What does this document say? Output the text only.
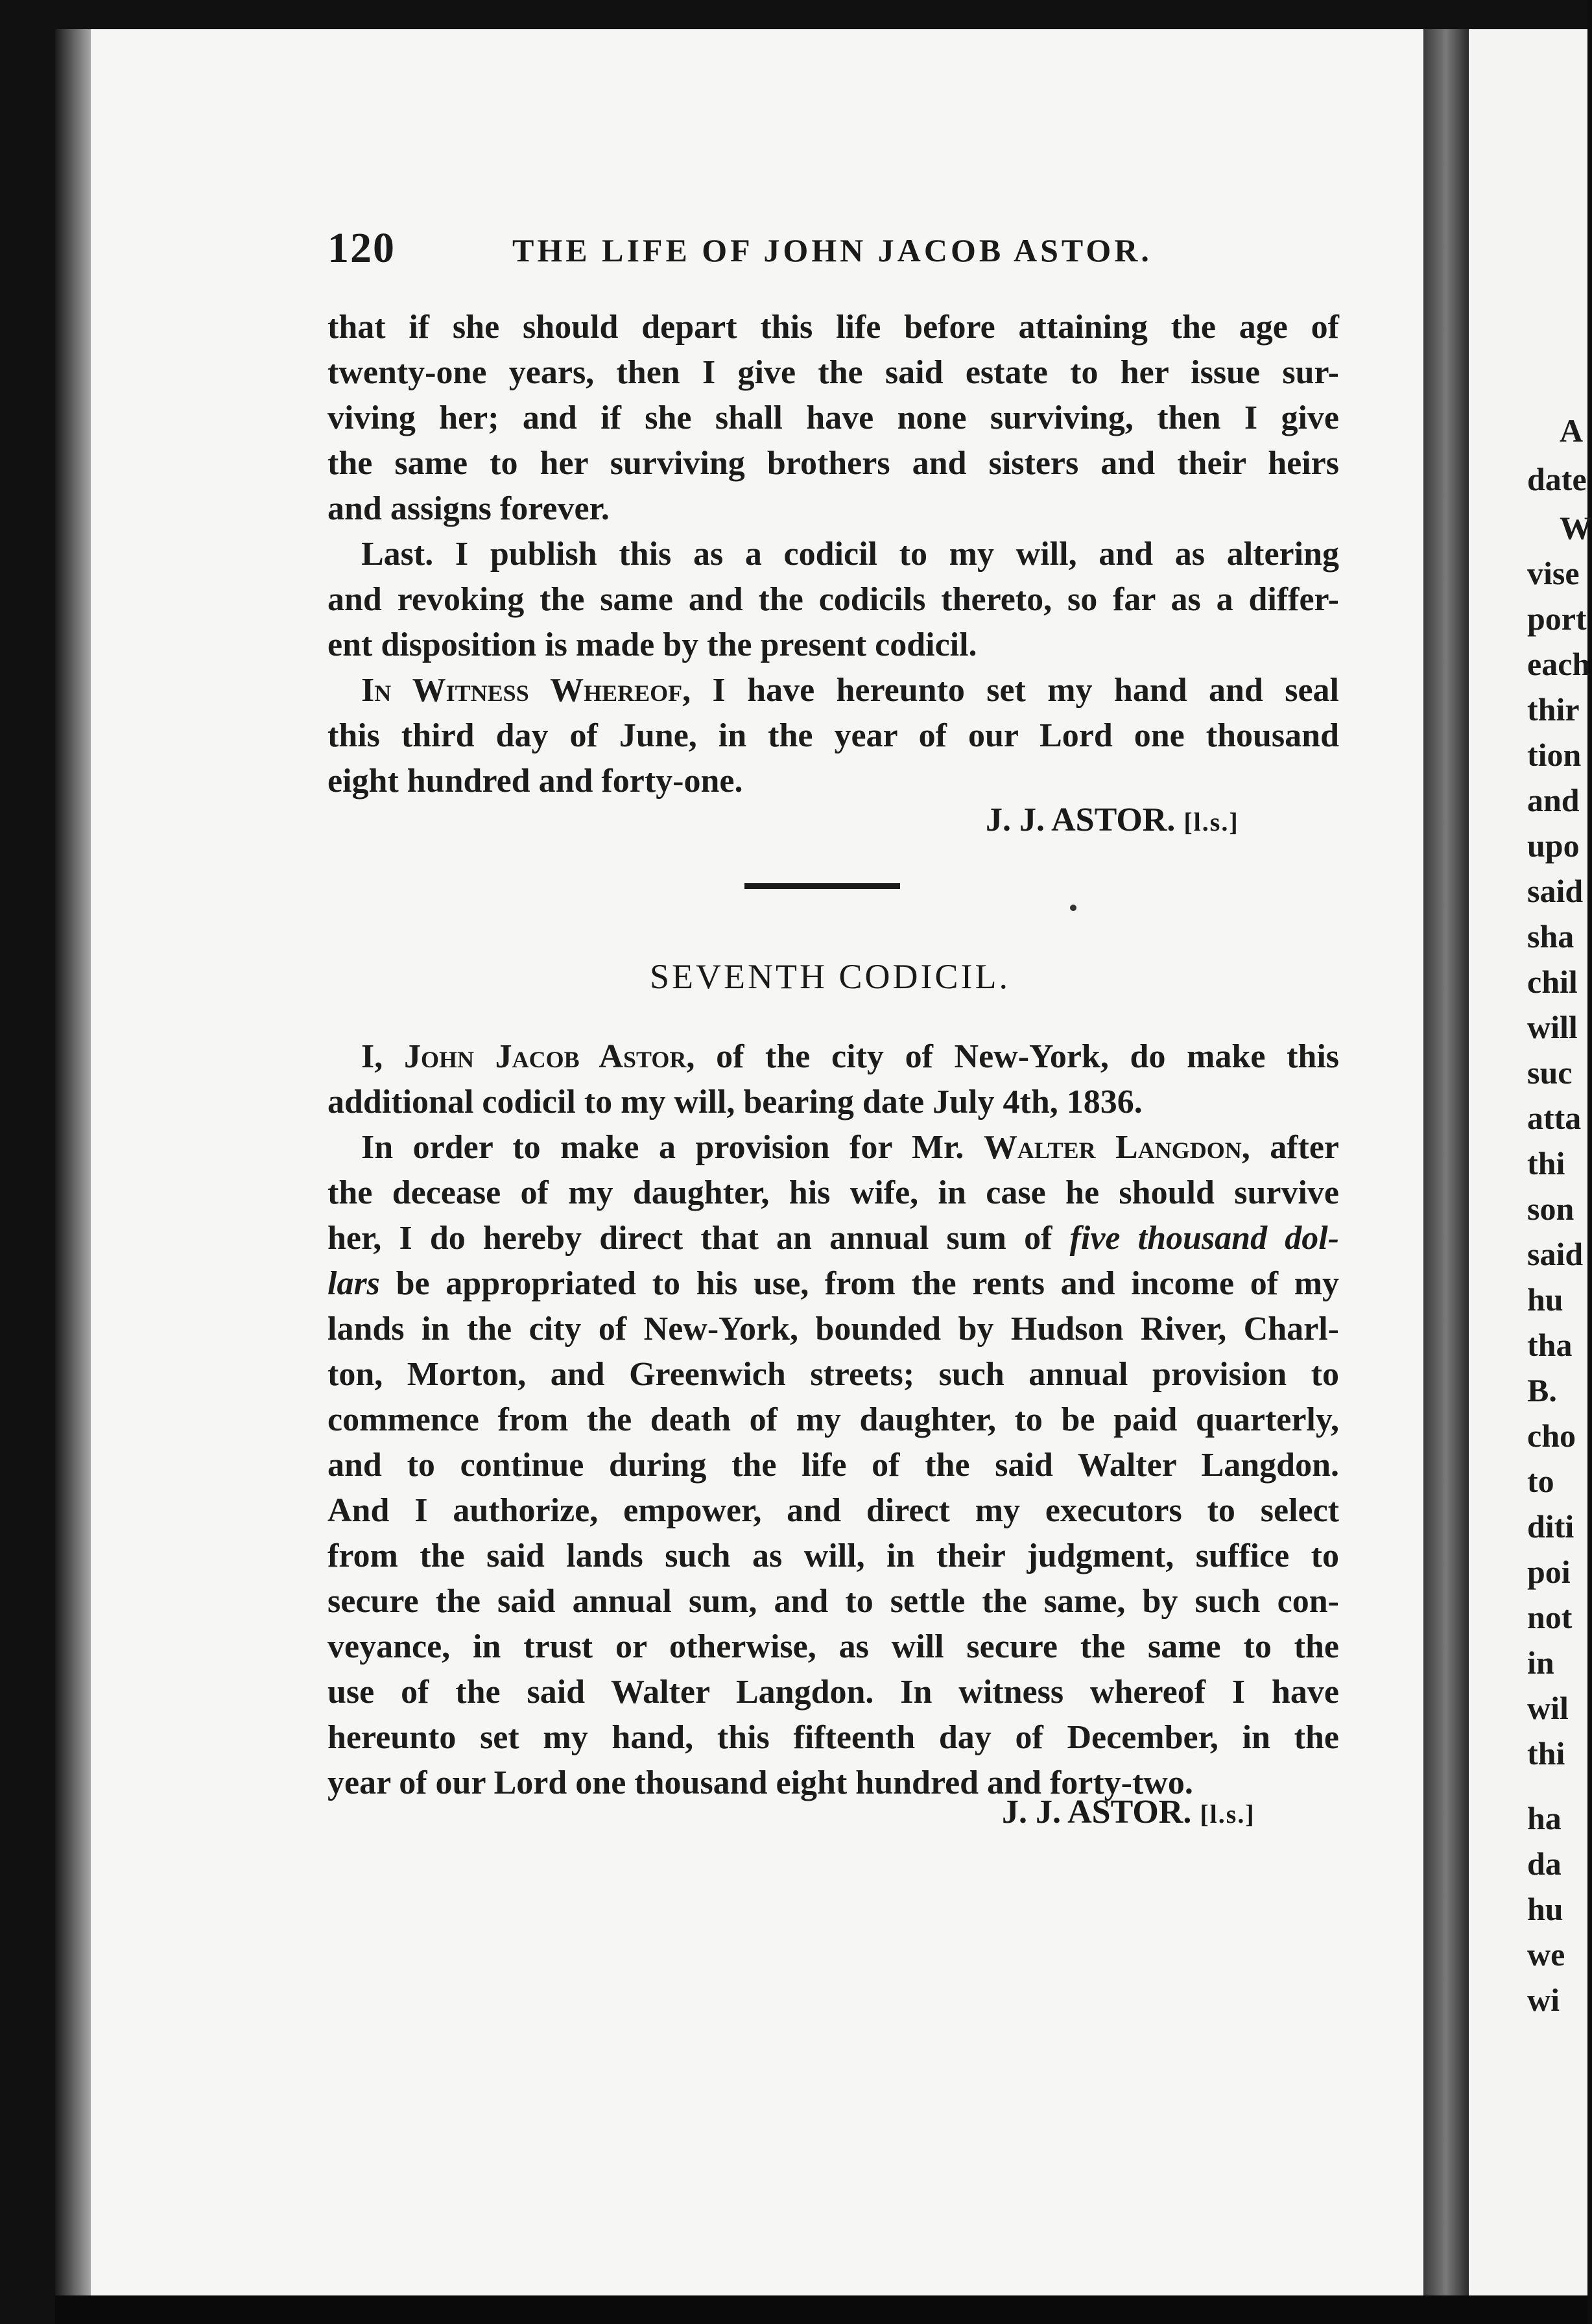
120	THE LIFE OF JOHN JACOB ASTOR.
that if she should depart this life before attaining the age of
twenty-one years, then I give the said estate to her issue sur-
viving her; and if she shall have none surviving, then I give
the same to her surviving brothers and sisters and their heirs
and assigns forever.
Last. I publish this as a codicil to my will, and as altering
and revoking the same and the codicils thereto, so far as a differ-
ent disposition is made by the present codicil.
In Witness Whereof, I have hereunto set my hand and seal
this third day of June, in the year of our Lord one thousand
eight hundred and forty-one.
J. J. ASTOR. [l.s.]
SEVENTH CODICIL.
I, John Jacob Astor, of the city of New-York, do make this
additional codicil to my will, bearing date July 4th, 1836.
In order to make a provision for Mr. Walter Langdon, after
the decease of my daughter, his wife, in case he should survive
her, I do hereby direct that an annual sum of five thousand dol-
lars be appropriated to his use, from the rents and income of my
lands in the city of New-York, bounded by Hudson River, Charl-
ton, Morton, and Greenwich streets; such annual provision to
commence from the death of my daughter, to be paid quarterly,
and to continue during the life of the said Walter Langdon.
And I authorize, empower, and direct my executors to select
from the said lands such as will, in their judgment, suffice to
secure the said annual sum, and to settle the same, by such con-
veyance, in trust or otherwise, as will secure the same to the
use of the said Walter Langdon. In witness whereof I have
hereunto set my hand, this fifteenth day of December, in the
year of our Lord one thousand eight hundred and forty-two.
J. J. ASTOR. [l.s.]
A
date
W
vise
port
each
thir
tion
and
upo
said
sha
chil
will
suc
atta
thi
son
said
hu
tha
B.
cho
to
diti
poi
not
in
wil
thi
ha
da
hu
we
wi
